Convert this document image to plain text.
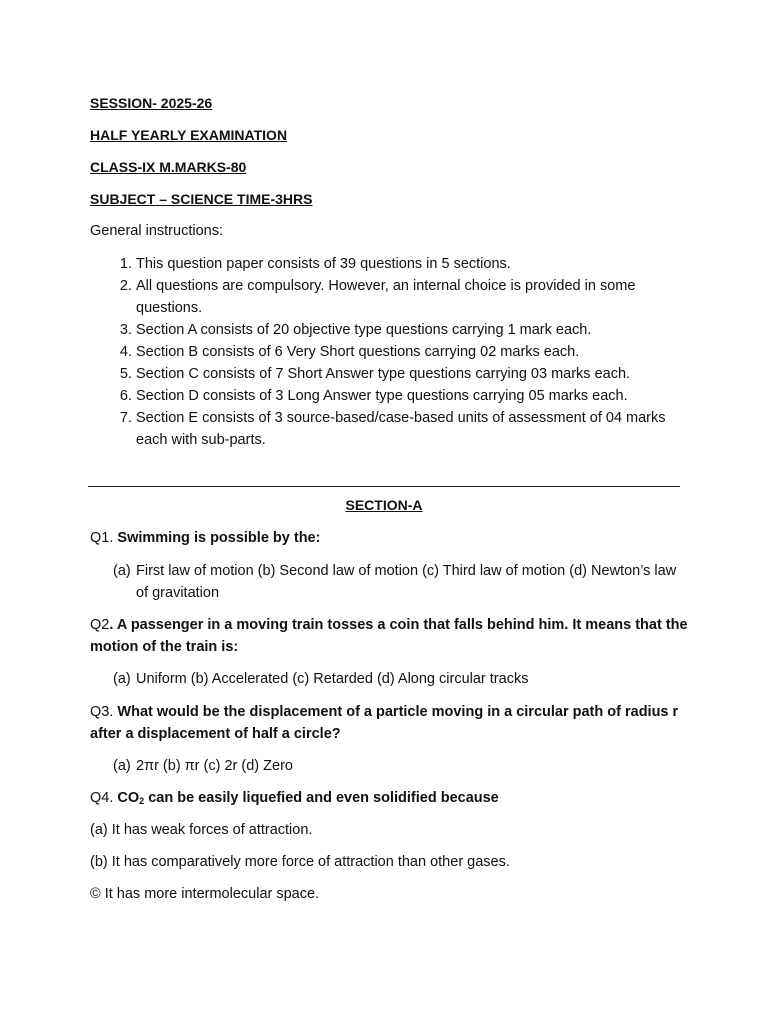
SESSION- 2025-26
HALF YEARLY EXAMINATION
CLASS-IX M.MARKS-80
SUBJECT – SCIENCE TIME-3HRS
General instructions:
1. This question paper consists of 39 questions in 5 sections.
2. All questions are compulsory. However, an internal choice is provided in some questions.
3. Section A consists of 20 objective type questions carrying 1 mark each.
4. Section B consists of 6 Very Short questions carrying 02 marks each.
5. Section C consists of 7 Short Answer type questions carrying 03 marks each.
6. Section D consists of 3 Long Answer type questions carrying 05 marks each.
7. Section E consists of 3 source-based/case-based units of assessment of 04 marks each with sub-parts.
SECTION-A
Q1. Swimming is possible by the:
(a) First law of motion (b) Second law of motion (c) Third law of motion (d) Newton’s law of gravitation
Q2. A passenger in a moving train tosses a coin that falls behind him. It means that the motion of the train is:
(a) Uniform (b) Accelerated (c) Retarded (d) Along circular tracks
Q3. What would be the displacement of a particle moving in a circular path of radius r after a displacement of half a circle?
(a) 2πr (b) πr (c) 2r (d) Zero
Q4. $CO_2$ can be easily liquefied and even solidified because
(a) It has weak forces of attraction.
(b) It has comparatively more force of attraction than other gases.
© It has more intermolecular space.
